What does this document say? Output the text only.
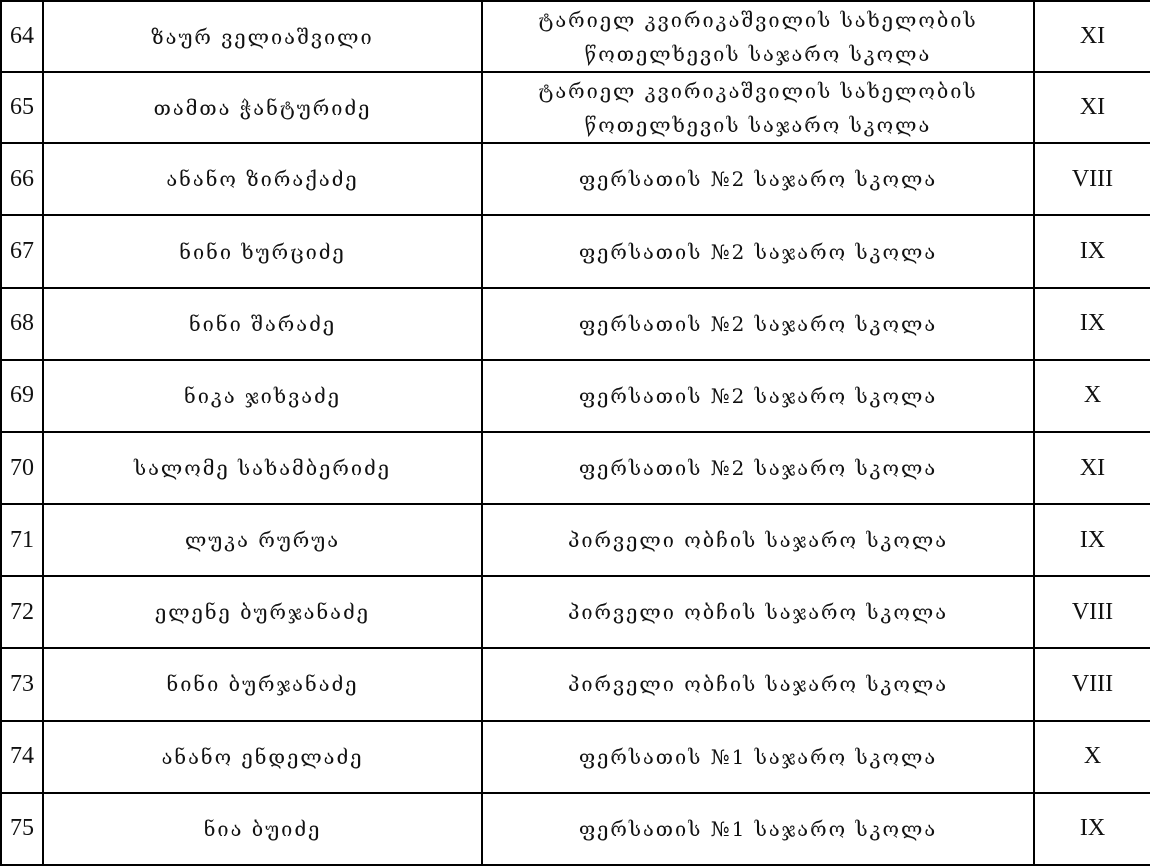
64	ზაურ ველიაშვილი	ტარიელ კვირიკაშვილის სახელობის წოთელხევის საჯარო სკოლა	XI
65	თამთა ჭანტურიძე	ტარიელ კვირიკაშვილის სახელობის წოთელხევის საჯარო სკოლა	XI
66	ანანო ზირაქაძე	ფერსათის №2 საჯარო სკოლა	VIII
67	ნინი ხურციძე	ფერსათის №2 საჯარო სკოლა	IX
68	ნინი შარაძე	ფერსათის №2 საჯარო სკოლა	IX
69	ნიკა ჯიხვაძე	ფერსათის №2 საჯარო სკოლა	X
70	სალომე სახამბერიძე	ფერსათის №2 საჯარო სკოლა	XI
71	ლუკა რურუა	პირველი ობჩის საჯარო სკოლა	IX
72	ელენე ბურჯანაძე	პირველი ობჩის საჯარო სკოლა	VIII
73	ნინი ბურჯანაძე	პირველი ობჩის საჯარო სკოლა	VIII
74	ანანო ენდელაძე	ფერსათის №1 საჯარო სკოლა	X
75	ნია ბუიძე	ფერსათის №1 საჯარო სკოლა	IX
